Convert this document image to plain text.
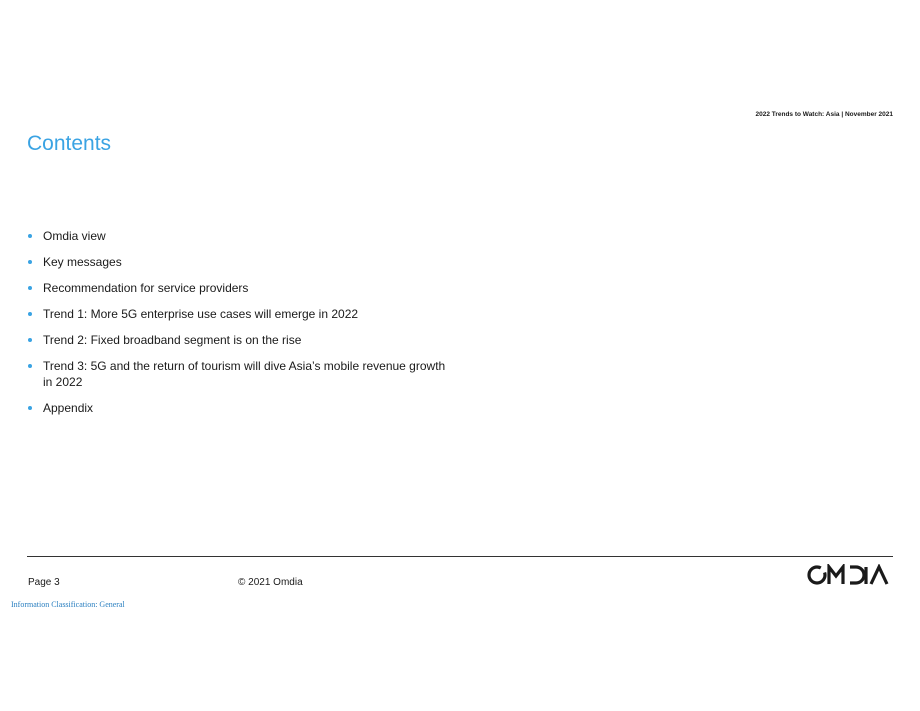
2022 Trends to Watch: Asia | November 2021
Contents
Omdia view
Key messages
Recommendation for service providers
Trend 1: More 5G enterprise use cases will emerge in 2022
Trend 2: Fixed broadband segment is on the rise
Trend 3: 5G and the return of tourism will dive Asia’s mobile revenue growth in 2022
Appendix
Page 3	© 2021 Omdia
Information Classification: General
